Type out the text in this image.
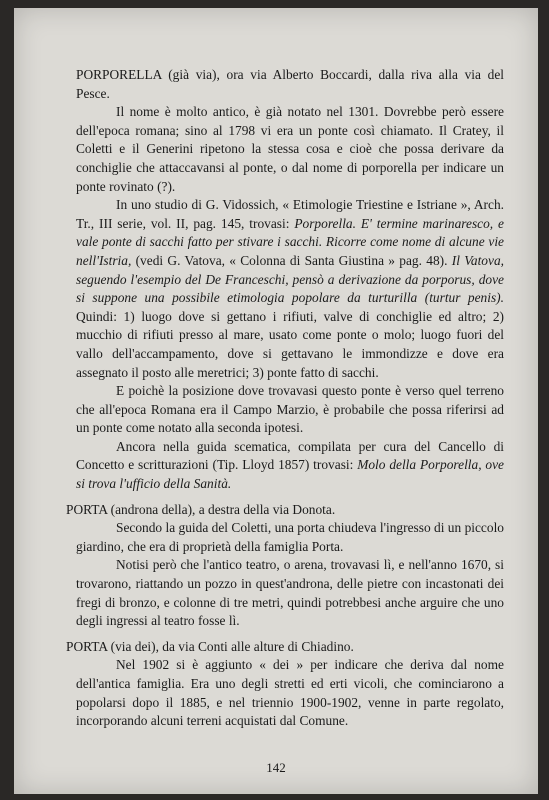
PORPORELLA (già via), ora via Alberto Boccardi, dalla riva alla via del Pesce.

Il nome è molto antico, è già notato nel 1301. Dovrebbe però essere dell'epoca romana; sino al 1798 vi era un ponte così chiamato. Il Cratey, il Coletti e il Generini ripetono la stessa cosa e cioè che possa derivare da conchiglie che attaccavansi al ponte, o dal nome di porporella per indicare un ponte rovinato (?).

In uno studio di G. Vidossich, « Etimologie Triestine e Istriane », Arch. Tr., III serie, vol. II, pag. 145, trovasi: Porporella. E' termine marinaresco, e vale ponte di sacchi fatto per stivare i sacchi. Ricorre come nome di alcune vie nell'Istria, (vedi G. Vatova, « Colonna di Santa Giustina » pag. 48). Il Vatova, seguendo l'esempio del De Franceschi, pensò a derivazione da porporus, dove si suppone una possibile etimologia popolare da turturilla (turtur penis). Quindi: 1) luogo dove si gettano i rifiuti, valve di conchiglie ed altro; 2) mucchio di rifiuti presso al mare, usato come ponte o molo; luogo fuori del vallo dell'accampamento, dove si gettavano le immondizze e dove era assegnato il posto alle meretrici; 3) ponte fatto di sacchi.

E poichè la posizione dove trovavasi questo ponte è verso quel terreno che all'epoca Romana era il Campo Marzio, è probabile che possa riferirsi ad un ponte come notato alla seconda ipotesi.

Ancora nella guida scematica, compilata per cura del Cancello di Concetto e scritturazioni (Tip. Lloyd 1857) trovasi: Molo della Porporella, ove si trova l'ufficio della Sanità.

PORTA (androna della), a destra della via Donota.

Secondo la guida del Coletti, una porta chiudeva l'ingresso di un piccolo giardino, che era di proprietà della famiglia Porta.

Notisi però che l'antico teatro, o arena, trovavasi lì, e nell'anno 1670, si trovarono, riattando un pozzo in quest'androna, delle pietre con incastonati dei fregi di bronzo, e colonne di tre metri, quindi potrebbesi anche arguire che uno degli ingressi al teatro fosse lì.

PORTA (via dei), da via Conti alle alture di Chiadino.

Nel 1902 si è aggiunto « dei » per indicare che deriva dal nome dell'antica famiglia. Era uno degli stretti ed erti vicoli, che cominciarono a popolarsi dopo il 1885, e nel triennio 1900-1902, venne in parte regolato, incorporando alcuni terreni acquistati dal Comune.

142
